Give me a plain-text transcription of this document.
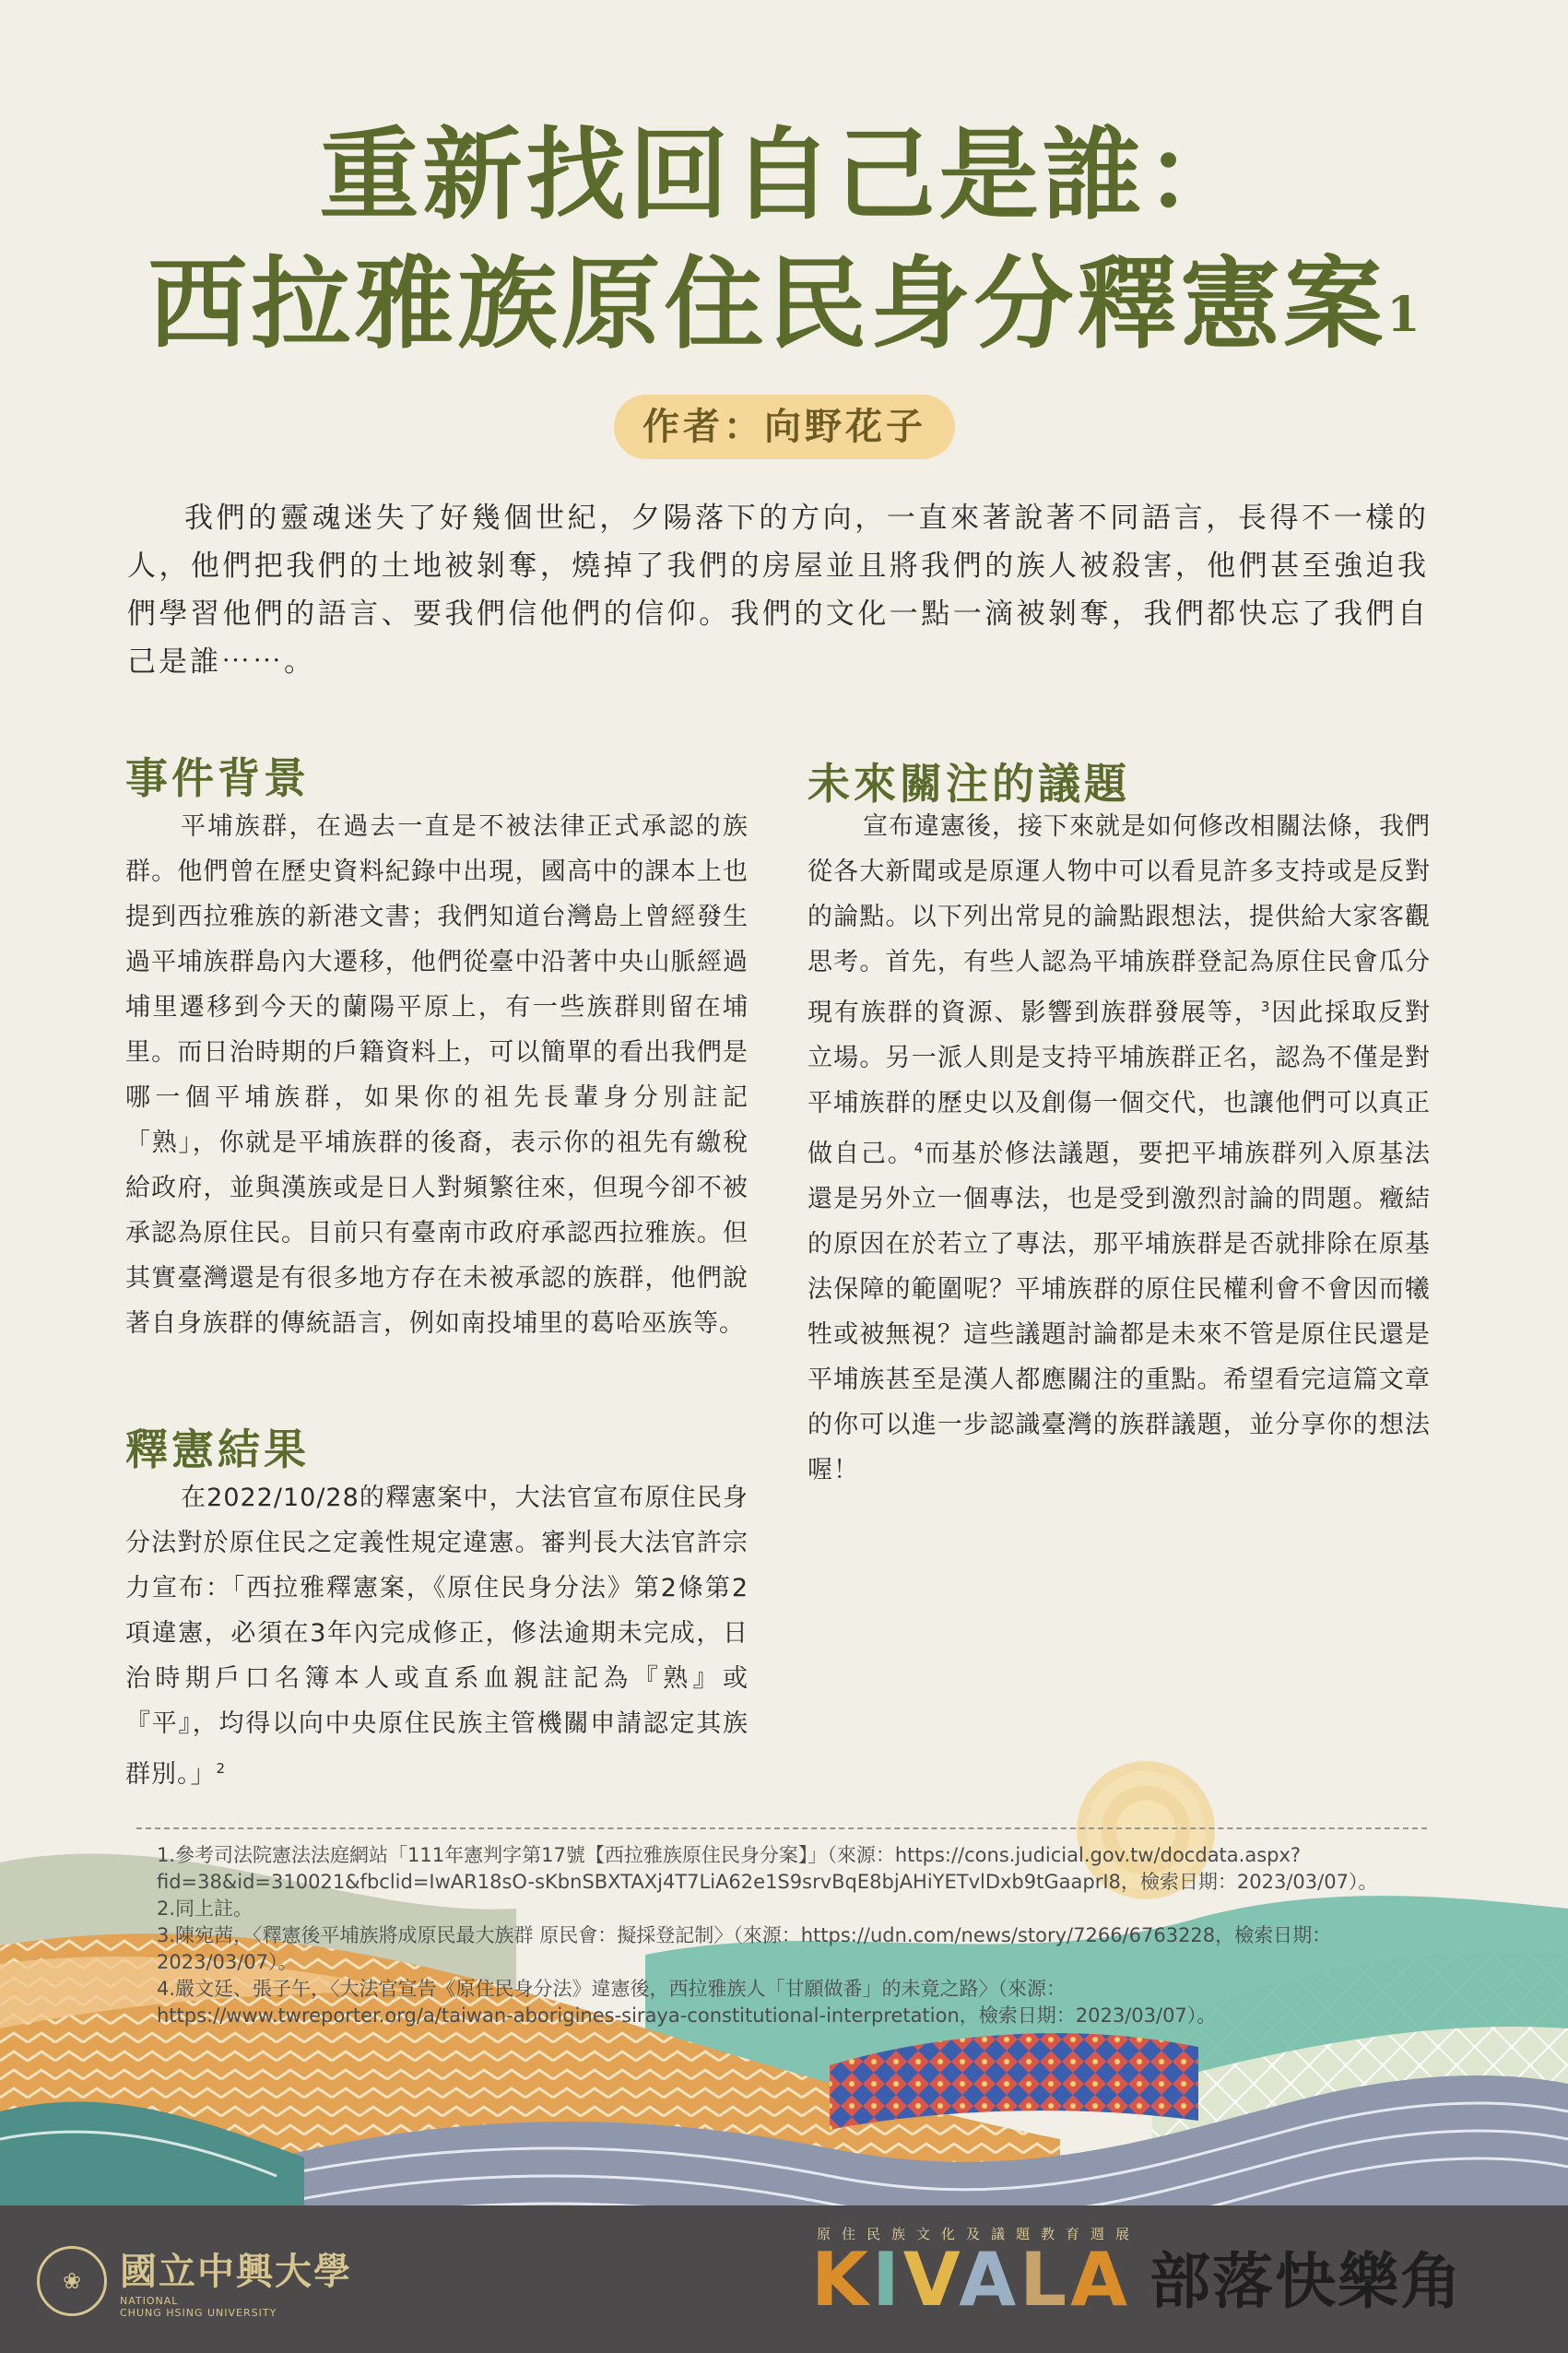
重新找回自己是誰：
西拉雅族原住民身分釋憲案$^1$
作者：向野花子
我們的靈魂迷失了好幾個世紀，夕陽落下的方向，一直來著說著不同語言，長得不一樣的人，他們把我們的土地被剝奪，燒掉了我們的房屋並且將我們的族人被殺害，他們甚至強迫我們學習他們的語言、要我們信他們的信仰。我們的文化一點一滴被剝奪，我們都快忘了我們自己是誰⋯⋯。
事件背景
平埔族群，在過去一直是不被法律正式承認的族群。他們曾在歷史資料紀錄中出現，國高中的課本上也提到西拉雅族的新港文書；我們知道台灣島上曾經發生過平埔族群島內大遷移，他們從臺中沿著中央山脈經過埔里遷移到今天的蘭陽平原上，有一些族群則留在埔里。而日治時期的戶籍資料上，可以簡單的看出我們是哪一個平埔族群，如果你的祖先長輩身分別註記「熟」，你就是平埔族群的後裔，表示你的祖先有繳稅給政府，並與漢族或是日人對頻繁往來，但現今卻不被承認為原住民。目前只有臺南市政府承認西拉雅族。但其實臺灣還是有很多地方存在未被承認的族群，他們說著自身族群的傳統語言，例如南投埔里的葛哈巫族等。
釋憲結果
在2022/10/28的釋憲案中，大法官宣布原住民身分法對於原住民之定義性規定違憲。審判長大法官許宗力宣布：「西拉雅釋憲案，《原住民身分法》第2條第2項違憲，必須在3年內完成修正，修法逾期未完成，日治時期戶口名簿本人或直系血親註記為『熟』或『平』，均得以向中央原住民族主管機關申請認定其族群別。」$^2$
未來關注的議題
宣布違憲後，接下來就是如何修改相關法條，我們從各大新聞或是原運人物中可以看見許多支持或是反對的論點。以下列出常見的論點跟想法，提供給大家客觀思考。首先，有些人認為平埔族群登記為原住民會瓜分現有族群的資源、影響到族群發展等，$^3$因此採取反對立場。另一派人則是支持平埔族群正名，認為不僅是對平埔族群的歷史以及創傷一個交代，也讓他們可以真正做自己。$^4$而基於修法議題，要把平埔族群列入原基法還是另外立一個專法，也是受到激烈討論的問題。癥結的原因在於若立了專法，那平埔族群是否就排除在原基法保障的範圍呢？平埔族群的原住民權利會不會因而犧牲或被無視？這些議題討論都是未來不管是原住民還是平埔族甚至是漢人都應關注的重點。希望看完這篇文章的你可以進一步認識臺灣的族群議題，並分享你的想法喔！
1.參考司法院憲法法庭網站「111年憲判字第17號【西拉雅族原住民身分案】」（來源：https://cons.judicial.gov.tw/docdata.aspx?fid=38&id=310021&fbclid=IwAR18sO-sKbnSBXTAXj4T7LiA62e1S9srvBqE8bjAHiYETvlDxb9tGaaprI8，檢索日期：2023/03/07）。
2.同上註。
3.陳宛茜，〈釋憲後平埔族將成原民最大族群 原民會：擬採登記制〉（來源：https://udn.com/news/story/7266/6763228，檢索日期：2023/03/07）。
4.嚴文廷、張子午，〈大法官宣告《原住民身分法》違憲後，西拉雅族人「甘願做番」的未竟之路〉（來源：https://www.twreporter.org/a/taiwan-aborigines-siraya-constitutional-interpretation，檢索日期：2023/03/07）。
❀	國立中興大學
NATIONAL
CHUNG HSING UNIVERSITY
原住民族文化及議題教育週展
KIVALA 部落快樂角
